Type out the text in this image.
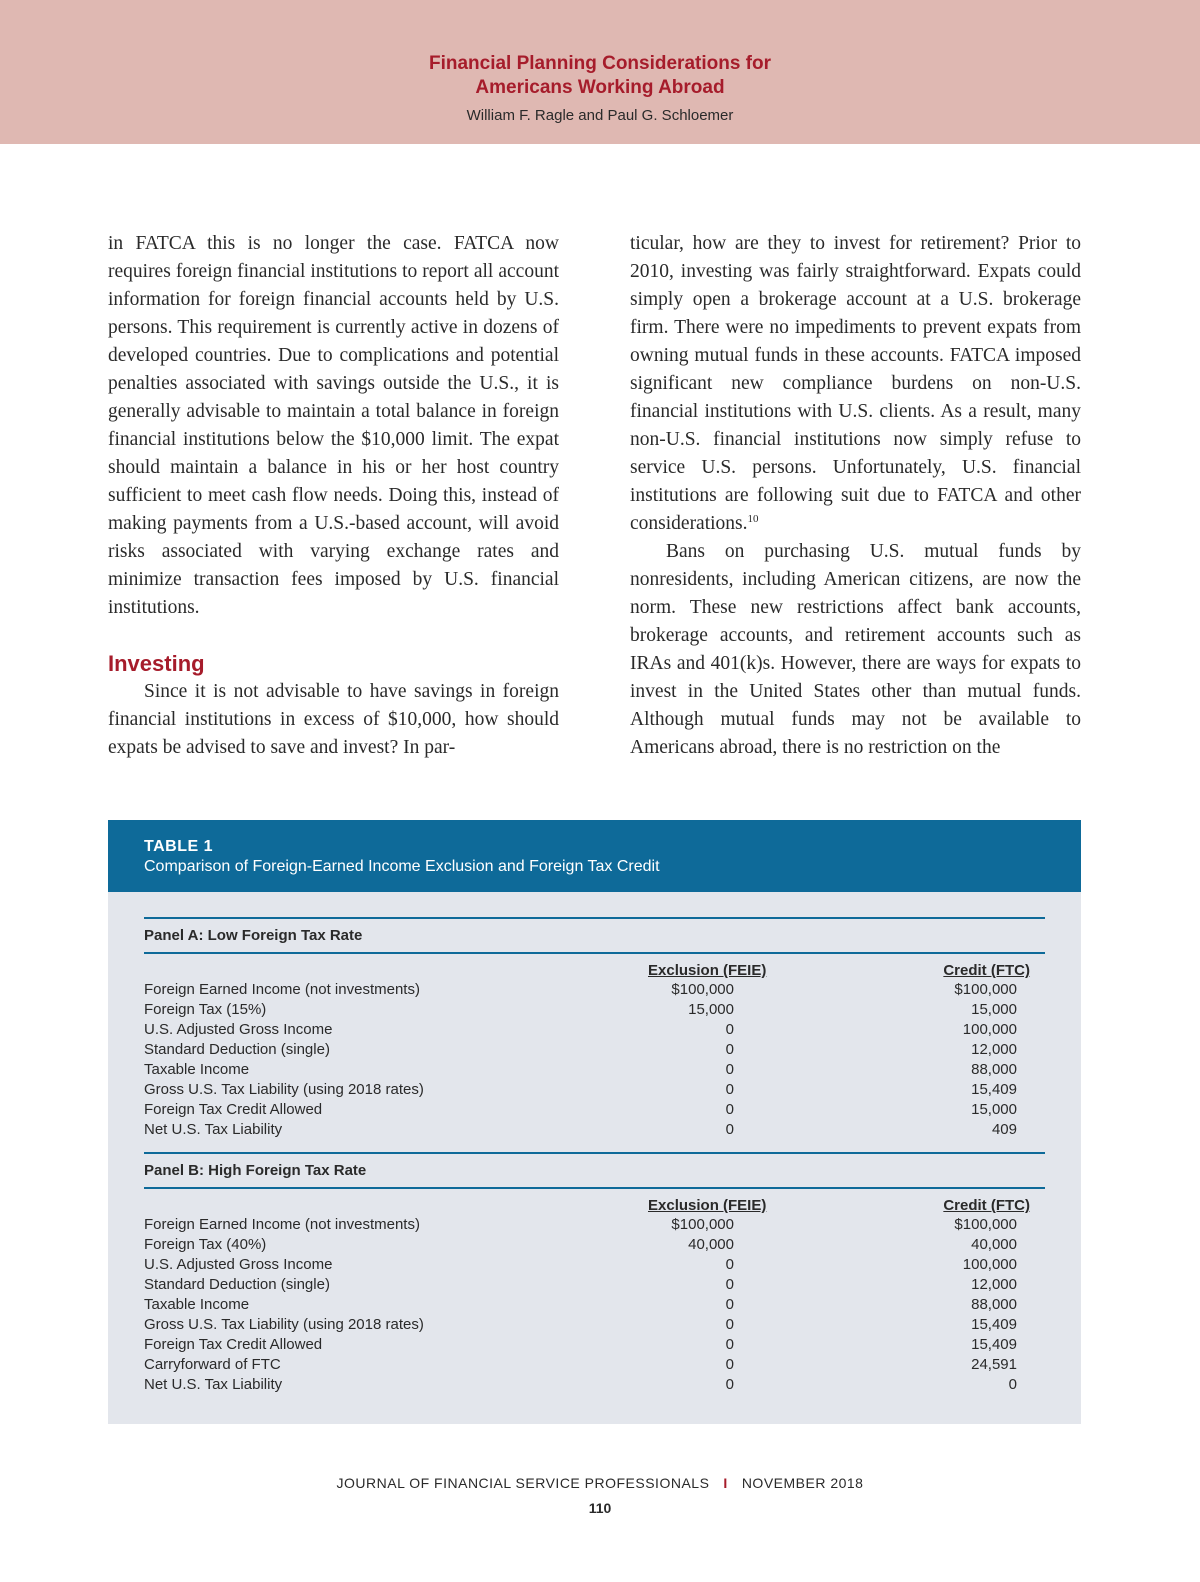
Financial Planning Considerations for
Americans Working Abroad
William F. Ragle and Paul G. Schloemer

in FATCA this is no longer the case. FATCA now requires foreign financial institutions to report all account information for foreign financial accounts held by U.S. persons. This requirement is currently active in dozens of developed countries. Due to complications and potential penalties associated with savings outside the U.S., it is generally advisable to maintain a total balance in foreign financial institutions below the $10,000 limit. The expat should maintain a balance in his or her host country sufficient to meet cash flow needs. Doing this, instead of making payments from a U.S.-based account, will avoid risks associated with varying exchange rates and minimize transaction fees imposed by U.S. financial institutions.

Investing

Since it is not advisable to have savings in foreign financial institutions in excess of $10,000, how should expats be advised to save and invest? In par-

ticular, how are they to invest for retirement? Prior to 2010, investing was fairly straightforward. Expats could simply open a brokerage account at a U.S. brokerage firm. There were no impediments to prevent expats from owning mutual funds in these accounts. FATCA imposed significant new compliance burdens on non-U.S. financial institutions with U.S. clients. As a result, many non-U.S. financial institutions now simply refuse to service U.S. persons. Unfortunately, U.S. financial institutions are following suit due to FATCA and other considerations.$^{10}$

Bans on purchasing U.S. mutual funds by nonresidents, including American citizens, are now the norm. These new restrictions affect bank accounts, brokerage accounts, and retirement accounts such as IRAs and 401(k)s. However, there are ways for expats to invest in the United States other than mutual funds. Although mutual funds may not be available to Americans abroad, there is no restriction on the

TABLE 1
Comparison of Foreign-Earned Income Exclusion and Foreign Tax Credit
Panel A: Low Foreign Tax Rate
Exclusion (FEIE)	Credit (FTC)
Foreign Earned Income (not investments)	$100,000	$100,000
Foreign Tax (15%)	15,000	15,000
U.S. Adjusted Gross Income	0	100,000
Standard Deduction (single)	0	12,000
Taxable Income	0	88,000
Gross U.S. Tax Liability (using 2018 rates)	0	15,409
Foreign Tax Credit Allowed	0	15,000
Net U.S. Tax Liability	0	409
Panel B: High Foreign Tax Rate
Exclusion (FEIE)	Credit (FTC)
Foreign Earned Income (not investments)	$100,000	$100,000
Foreign Tax (40%)	40,000	40,000
U.S. Adjusted Gross Income	0	100,000
Standard Deduction (single)	0	12,000
Taxable Income	0	88,000
Gross U.S. Tax Liability (using 2018 rates)	0	15,409
Foreign Tax Credit Allowed	0	15,409
Carryforward of FTC	0	24,591
Net U.S. Tax Liability	0	0
JOURNAL OF FINANCIAL SERVICE PROFESSIONALS I NOVEMBER 2018
110
